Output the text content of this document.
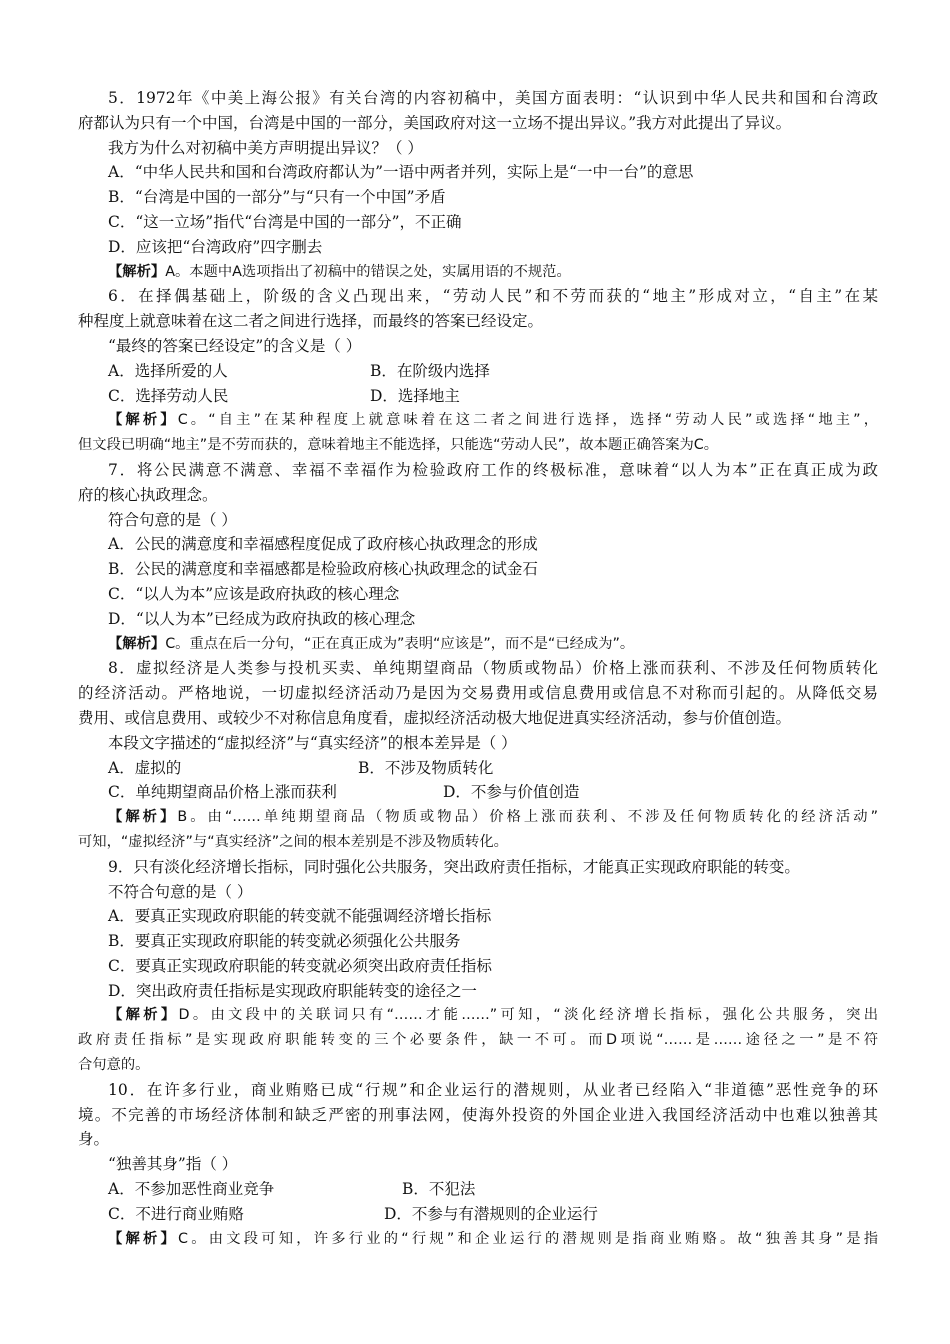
5．1972年《中美上海公报》有关台湾的内容初稿中，美国方面表明：“认识到中华人民共和国和台湾政
府都认为只有一个中国，台湾是中国的一部分，美国政府对这一立场不提出异议。”我方对此提出了异议。
我方为什么对初稿中美方声明提出异议？（ ）
A．“中华人民共和国和台湾政府都认为”一语中两者并列，实际上是“一中一台”的意思
B．“台湾是中国的一部分”与“只有一个中国”矛盾
C．“这一立场”指代“台湾是中国的一部分”，不正确
D．应该把“台湾政府”四字删去
【解析】A。本题中A选项指出了初稿中的错误之处，实属用语的不规范。
6．在择偶基础上，阶级的含义凸现出来，“劳动人民”和不劳而获的“地主”形成对立，“自主”在某
种程度上就意味着在这二者之间进行选择，而最终的答案已经设定。
“最终的答案已经设定”的含义是（ ）
A．选择所爱的人	B．在阶级内选择
C．选择劳动人民	D．选择地主
【解析】C。“自主”在某种程度上就意味着在这二者之间进行选择，选择“劳动人民”或选择“地主”，
但文段已明确“地主”是不劳而获的，意味着地主不能选择，只能选“劳动人民”，故本题正确答案为C。
7．将公民满意不满意、幸福不幸福作为检验政府工作的终极标准，意味着“以人为本”正在真正成为政
府的核心执政理念。
符合句意的是（ ）
A．公民的满意度和幸福感程度促成了政府核心执政理念的形成
B．公民的满意度和幸福感都是检验政府核心执政理念的试金石
C．“以人为本”应该是政府执政的核心理念
D．“以人为本”已经成为政府执政的核心理念
【解析】C。重点在后一分句，“正在真正成为”表明“应该是”，而不是“已经成为”。
8．虚拟经济是人类参与投机买卖、单纯期望商品（物质或物品）价格上涨而获利、不涉及任何物质转化
的经济活动。严格地说，一切虚拟经济活动乃是因为交易费用或信息费用或信息不对称而引起的。从降低交易
费用、或信息费用、或较少不对称信息角度看，虚拟经济活动极大地促进真实经济活动，参与价值创造。
本段文字描述的“虚拟经济”与“真实经济”的根本差异是（ ）
A．虚拟的	B．不涉及物质转化
C．单纯期望商品价格上涨而获利	D．不参与价值创造
【解析】B。由“……单纯期望商品（物质或物品）价格上涨而获利、不涉及任何物质转化的经济活动”
可知，“虚拟经济”与“真实经济”之间的根本差别是不涉及物质转化。
9．只有淡化经济增长指标，同时强化公共服务，突出政府责任指标，才能真正实现政府职能的转变。
不符合句意的是（ ）
A．要真正实现政府职能的转变就不能强调经济增长指标
B．要真正实现政府职能的转变就必须强化公共服务
C．要真正实现政府职能的转变就必须突出政府责任指标
D．突出政府责任指标是实现政府职能转变的途径之一
【解析】D。由文段中的关联词只有“……才能……”可知，“淡化经济增长指标，强化公共服务，突出
政府责任指标”是实现政府职能转变的三个必要条件，缺一不可。而D项说“……是……途径之一”是不符
合句意的。
10．在许多行业，商业贿赂已成“行规”和企业运行的潜规则，从业者已经陷入“非道德”恶性竞争的环
境。不完善的市场经济体制和缺乏严密的刑事法网，使海外投资的外国企业进入我国经济活动中也难以独善其
身。
“独善其身”指（ ）
A．不参加恶性商业竞争	B．不犯法
C．不进行商业贿赂	D．不参与有潜规则的企业运行
【解析】C。由文段可知，许多行业的“行规”和企业运行的潜规则是指商业贿赂。故“独善其身”是指
